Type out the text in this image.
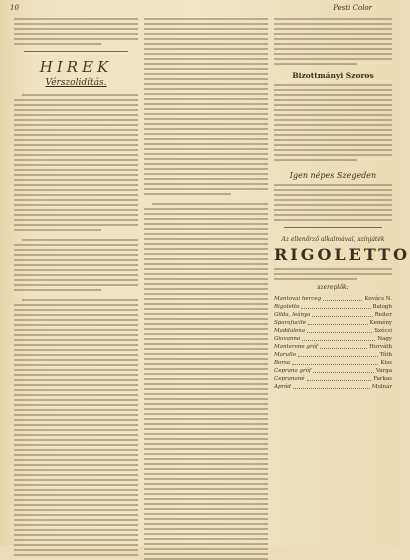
10	Pesti Color
HIREK
Vérszolidítás.
Bizottmányi Szoros
Igen népes Szegeden
Az ellenőrző alkalmával, színjáték
RIGOLETTO
szereplők:
Mantovai herceg	Kovács N.
Rigoletto	Balogh
Gilda, leánya	Reiter
Sparafucile	Kemény
Maddalena	Szécsi
Giovanna	Nagy
Monterone gróf	Horváth
Marullo	Tóth
Borsa	Kiss
Ceprano gróf	Varga
Cepranoné	Farkas
Apród	Molnár
